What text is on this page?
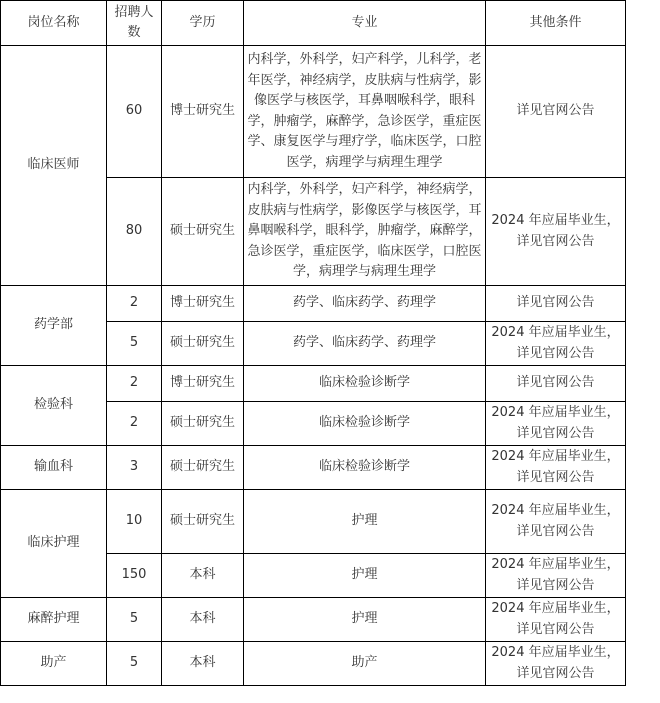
岗位名称	招聘人数	学历	专业	其他条件
临床医师	60	博士研究生	内科学，外科学，妇产科学，儿科学，老年医学，神经病学，皮肤病与性病学，影像医学与核医学，耳鼻咽喉科学，眼科学，肿瘤学，麻醉学，急诊医学，重症医学、康复医学与理疗学，临床医学，口腔医学，病理学与病理生理学	详见官网公告
	80	硕士研究生	内科学，外科学，妇产科学，神经病学，皮肤病与性病学，影像医学与核医学，耳鼻咽喉科学，眼科学，肿瘤学，麻醉学，急诊医学，重症医学，临床医学，口腔医学，病理学与病理生理学	2024 年应届毕业生，详见官网公告
药学部	2	博士研究生	药学、临床药学、药理学	详见官网公告
	5	硕士研究生	药学、临床药学、药理学	2024 年应届毕业生，详见官网公告
检验科	2	博士研究生	临床检验诊断学	详见官网公告
	2	硕士研究生	临床检验诊断学	2024 年应届毕业生，详见官网公告
输血科	3	硕士研究生	临床检验诊断学	2024 年应届毕业生，详见官网公告
临床护理	10	硕士研究生	护理	2024 年应届毕业生，详见官网公告
	150	本科	护理	2024 年应届毕业生，详见官网公告
麻醉护理	5	本科	护理	2024 年应届毕业生，详见官网公告
助产	5	本科	助产	2024 年应届毕业生，详见官网公告
